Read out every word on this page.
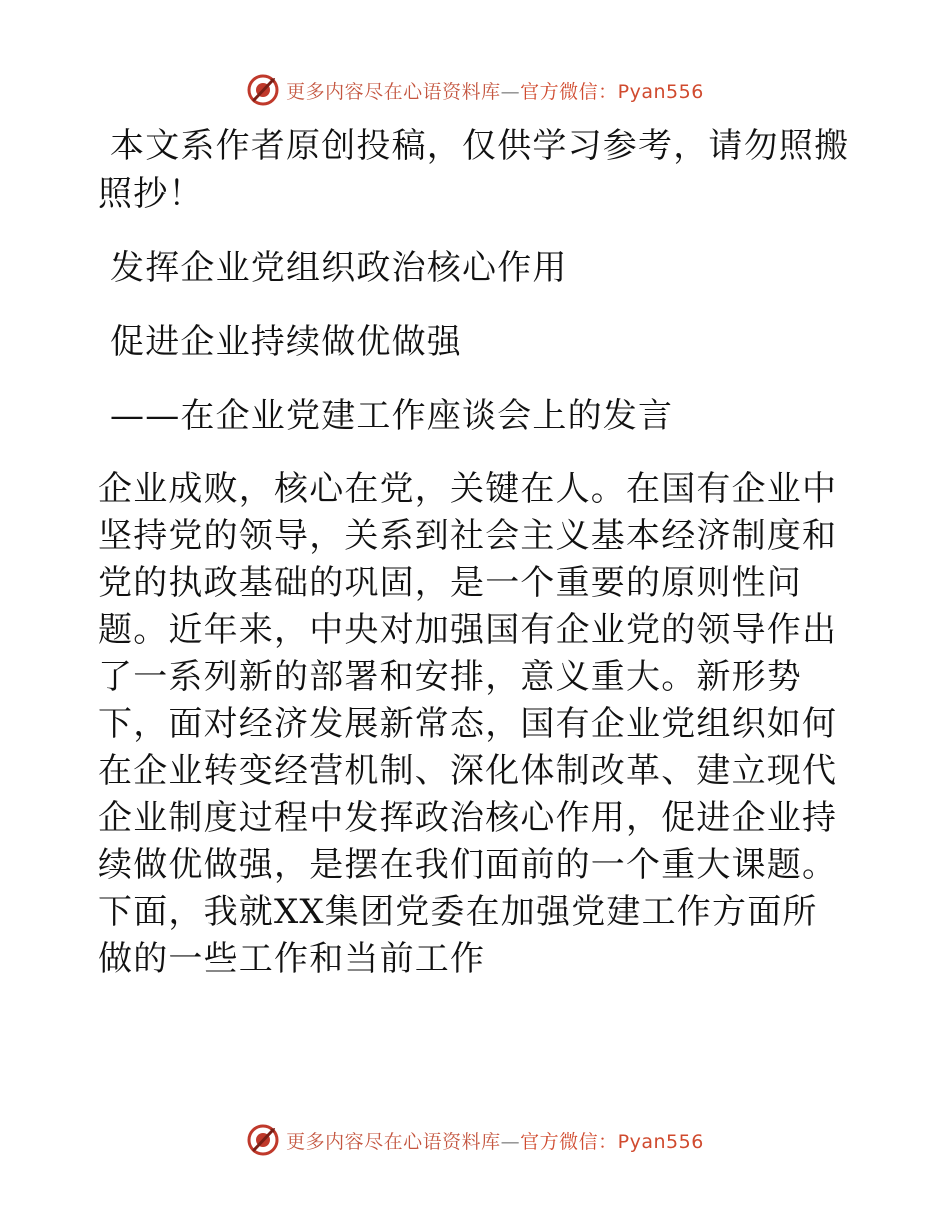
更多内容尽在心语资料库—官方微信：Pyan556

本文系作者原创投稿，仅供学习参考，请勿照搬照抄！

发挥企业党组织政治核心作用

促进企业持续做优做强

——在企业党建工作座谈会上的发言

企业成败，核心在党，关键在人。在国有企业中坚持党的领导，关系到社会主义基本经济制度和党的执政基础的巩固，是一个重要的原则性问题。近年来，中央对加强国有企业党的领导作出了一系列新的部署和安排，意义重大。新形势下，面对经济发展新常态，国有企业党组织如何在企业转变经营机制、深化体制改革、建立现代企业制度过程中发挥政治核心作用，促进企业持续做优做强，是摆在我们面前的一个重大课题。下面，我就XX集团党委在加强党建工作方面所做的一些工作和当前工作

更多内容尽在心语资料库—官方微信：Pyan556
